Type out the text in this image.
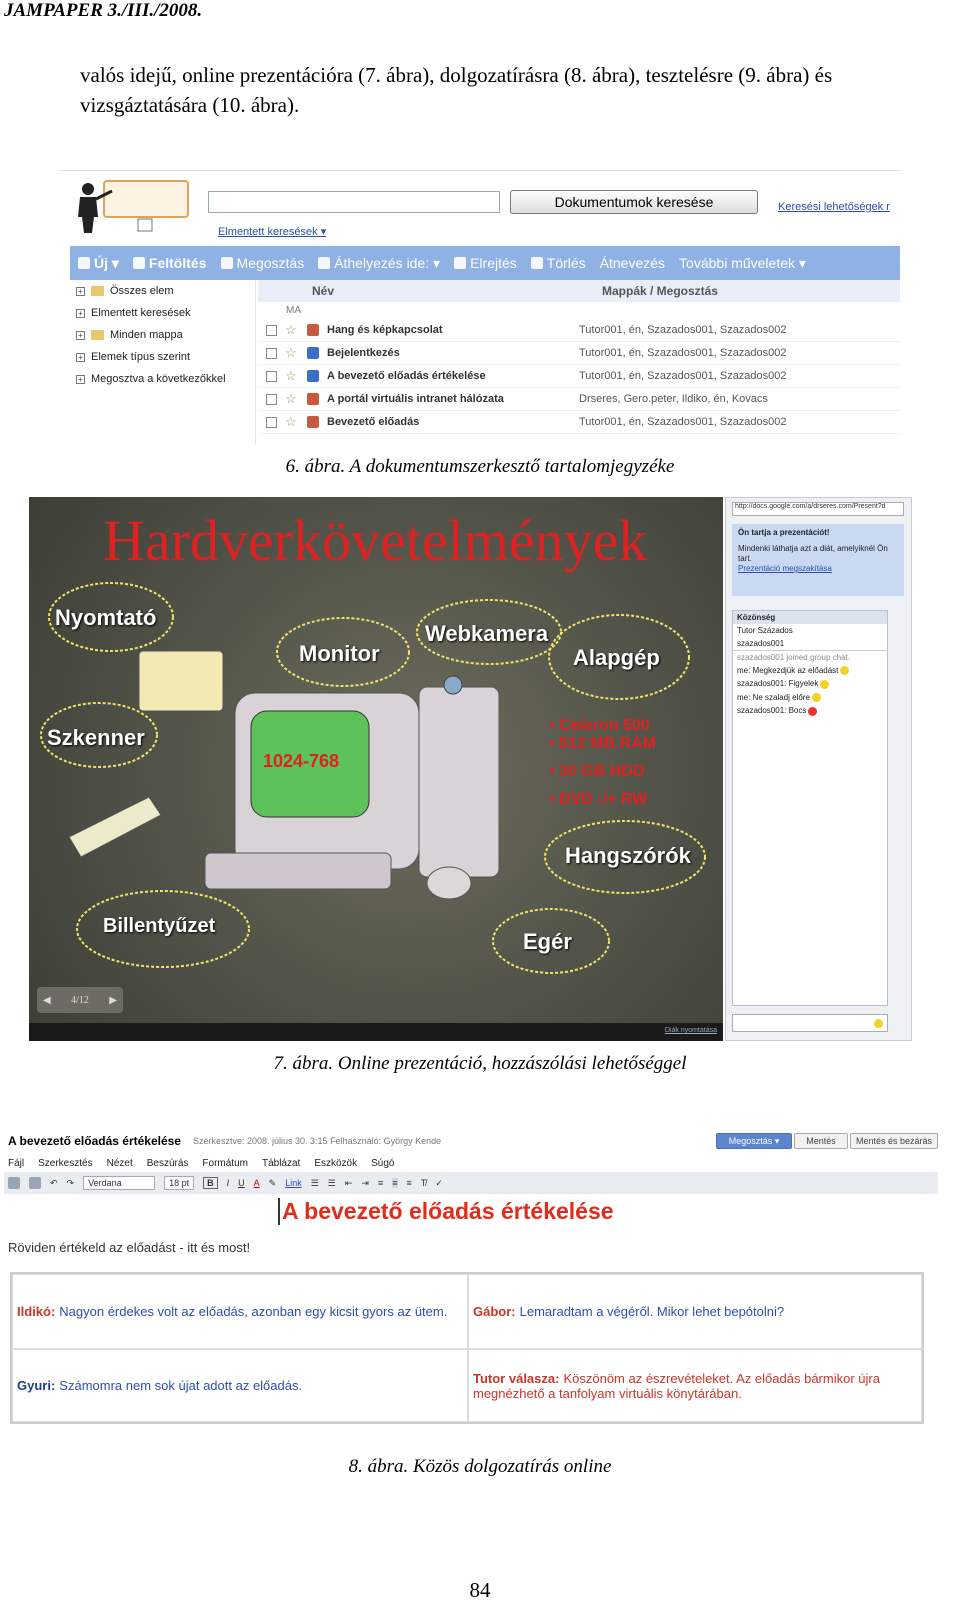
JAMPAPER 3./III./2008.
valós idejű, online prezentációra (7. ábra), dolgozatírásra (8. ábra), tesztelésre (9. ábra) és vizsgáztatására (10. ábra).
Dokumentumok keresése	Keresési lehetőségek r
Elmentett keresések ▾
Új ▾ Feltöltés Megosztás Áthelyezés ide: ▾ Elrejtés Törlés Átnevezés További műveletek ▾
+ Összes elem
+ Elmentett keresések
+ Minden mappa
+ Elemek típus szerint
+ Megosztva a következőkkel
Név	Mappák / Megosztás
MA
☆	Hang és képkapcsolat	Tutor001, én, Szazados001, Szazados002
☆	Bejelentkezés	Tutor001, én, Szazados001, Szazados002
☆	A bevezető előadás értékelése	Tutor001, én, Szazados001, Szazados002
☆	A portál virtuális intranet hálózata	Drseres, Gero.peter, Ildiko, én, Kovacs
☆	Bevezető előadás	Tutor001, én, Szazados001, Szazados002
6. ábra. A dokumentumszerkesztő tartalomjegyzéke
Hardverkövetelmények
Nyomtató
Monitor
Webkamera
Alapgép
Szkenner
1024-768
• Celeron 500
• 512 MB RAM
• 30 GB HDD
• DVD -/+ RW
Hangszórók
Billentyűzet
Egér
◀ 4/12 ▶
Diák nyomtatása
http://docs.google.com/a/drseres.com/Present?d
Ön tartja a prezentációt!
Mindenki láthatja azt a diát, amelyiknél Ön tart.
Prezentáció megszakítása
Közönség
Tutor Százados
szazados001
szazados001 joined group chat.
me: Megkezdjük az előadást
szazados001: Figyelek
me: Ne szaladj előre
szazados001: Bocs
7. ábra. Online prezentáció, hozzászólási lehetőséggel
A bevezető előadás értékelése Szerkesztve: 2008. július 30. 3:15 Felhasználó: György Kende	Megosztás ▾	Mentés	Mentés és bezárás
Fájl Szerkesztés Nézet Beszúrás Formátum Táblázat Eszközök Súgó
↶ ↷	Verdana	18 pt	B	I U A ✎ Link ☰ ☰ ⇤ ⇥ ≡ ≡ ≡ T̸ ✓
A bevezető előadás értékelése
Röviden értékeld az előadást - itt és most!
Ildikó: Nagyon érdekes volt az előadás, azonban egy kicsit gyors az ütem. Gábor: Lemaradtam a végéről. Mikor lehet bepótolni?
Gyuri: Számomra nem sok újat adott az előadás.	Tutor válasza: Köszönöm az észrevételeket. Az előadás bármikor újra megnézhető a tanfolyam virtuális könytárában.
8. ábra. Közös dolgozatírás online
84
